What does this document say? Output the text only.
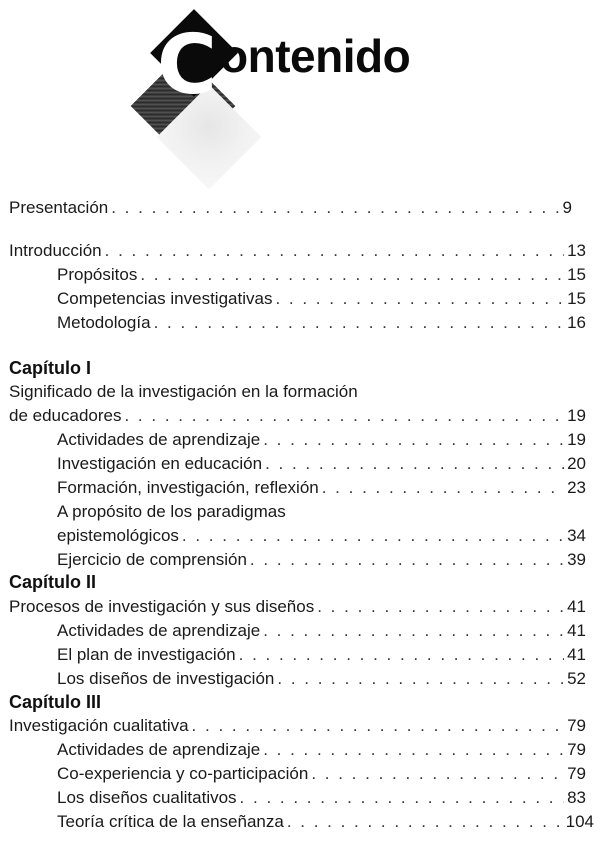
C ontenido
Presentación . . .	9
Introducción . . .	13
Propósitos . . .	15
Competencias investigativas . . .	15
Metodología . . .	16
Capítulo I
Significado de la investigación en la formación
de educadores . . .	19
Actividades de aprendizaje . . .	19
Investigación en educación . . .	20
Formación, investigación, reflexión . . .	23
A propósito de los paradigmas
epistemológicos . . .	34
Ejercicio de comprensión . . .	39
Capítulo II
Procesos de investigación y sus diseños . . .	41
Actividades de aprendizaje . . .	41
El plan de investigación . . .	41
Los diseños de investigación . . .	52
Capítulo III
Investigación cualitativa . . .	79
Actividades de aprendizaje . . .	79
Co-experiencia y co-participación . . .	79
Los diseños cualitativos . . .	83
Teoría crítica de la enseñanza . . .	104
